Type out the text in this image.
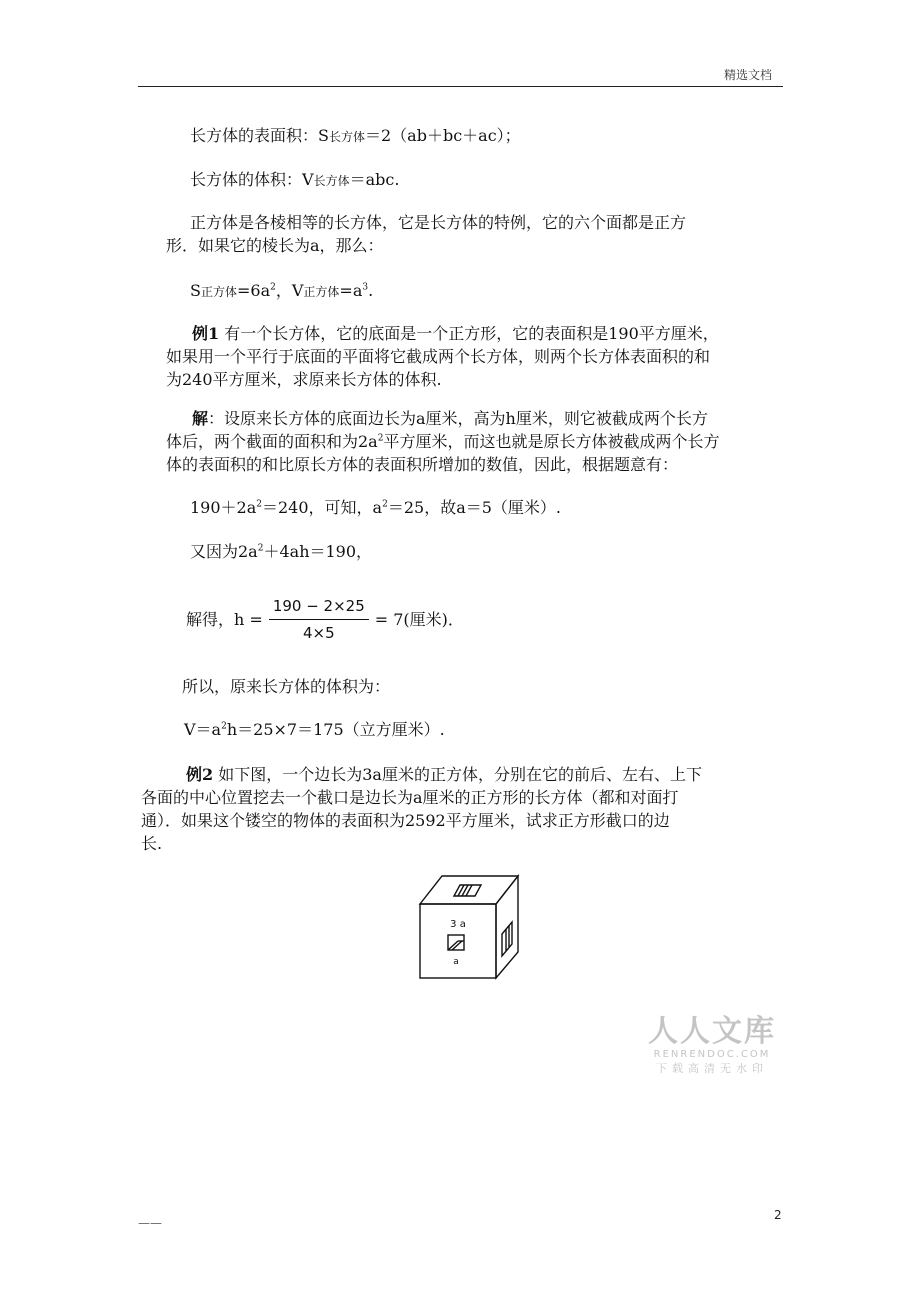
精选文档
长方体的表面积：S长方体＝2（ab＋bc＋ac）；
长方体的体积：V长方体＝abc.
正方体是各棱相等的长方体，它是长方体的特例，它的六个面都是正方
形．如果它的棱长为a，那么：
S正方体$=6a^2$，V正方体$=a^3$.
例1 有一个长方体，它的底面是一个正方形，它的表面积是190平方厘米，
如果用一个平行于底面的平面将它截成两个长方体，则两个长方体表面积的和
为240平方厘米，求原来长方体的体积.
解：设原来长方体的底面边长为a厘米，高为h厘米，则它被截成两个长方
体后，两个截面的面积和为$2a^2$平方厘米，而这也就是原长方体被截成两个长方
体的表面积的和比原长方体的表面积所增加的数值，因此，根据题意有：
$190+2a^2=240$，可知，$a^2=25$，故a＝5（厘米）.
又因为$2a^2+4ah=190$，
解得，$h = \frac{190 - 2\times 25}{4\times 5} = 7$(厘米)．
所以，原来长方体的体积为：
$V=a^2h=25\times 7=175$（立方厘米）.
例2 如下图，一个边长为3a厘米的正方体，分别在它的前后、左右、上下
各面的中心位置挖去一个截口是边长为a厘米的正方形的长方体（都和对面打
通）．如果这个镂空的物体的表面积为2592平方厘米，试求正方形截口的边
长.
3 a
a
人人文库
RENRENDOC.COM
下载高清无水印
——
2
